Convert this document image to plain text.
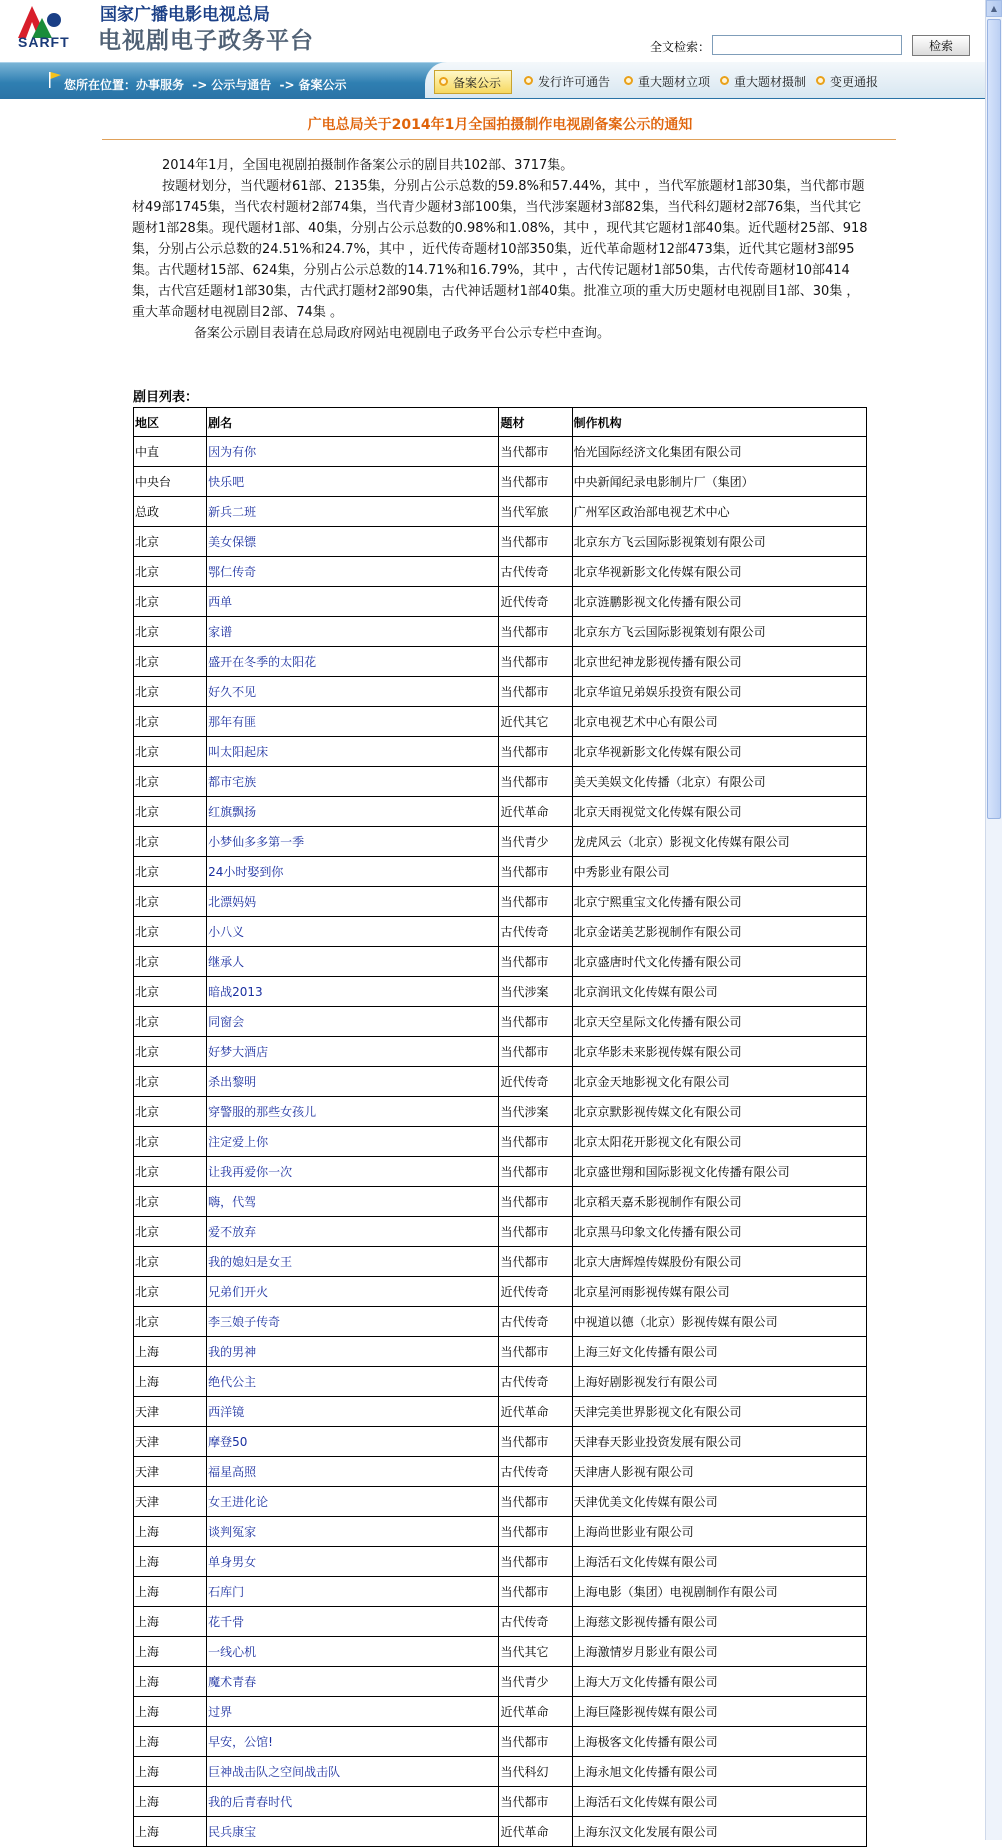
SARFT
国家广播电影电视总局
电视剧电子政务平台	全文检索：	检索
您所在位置：办事服务 -> 公示与通告 -> 备案公示	备案公示	发行许可通告	重大题材立项	重大题材摄制	变更通报
▲
广电总局关于2014年1月全国拍摄制作电视剧备案公示的通知

2014年1月，全国电视剧拍摄制作备案公示的剧目共102部、3717集。

按题材划分，当代题材61部、2135集，分别占公示总数的59.8%和57.44%，其中 ，当代军旅题材1部30集，当代都市题材49部1745集，当代农村题材2部74集，当代青少题材3部100集，当代涉案题材3部82集，当代科幻题材2部76集，当代其它题材1部28集。现代题材1部、40集，分别占公示总数的0.98%和1.08%，其中 ，现代其它题材1部40集。近代题材25部、918集，分别占公示总数的24.51%和24.7%，其中 ，近代传奇题材10部350集，近代革命题材12部473集，近代其它题材3部95集。古代题材15部、624集，分别占公示总数的14.71%和16.79%，其中 ，古代传记题材1部50集，古代传奇题材10部414集，古代宫廷题材1部30集，古代武打题材2部90集，古代神话题材1部40集。批准立项的重大历史题材电视剧目1部、30集 ，重大革命题材电视剧目2部、74集 。

备案公示剧目表请在总局政府网站电视剧电子政务平台公示专栏中查询。

剧目列表：
地区	剧名	题材	制作机构
中直	因为有你	当代都市	怡光国际经济文化集团有限公司
中央台	快乐吧	当代都市	中央新闻纪录电影制片厂（集团）
总政	新兵二班	当代军旅	广州军区政治部电视艺术中心
北京	美女保镖	当代都市	北京东方飞云国际影视策划有限公司
北京	鄂仁传奇	古代传奇	北京华视新影文化传媒有限公司
北京	西单	近代传奇	北京涟鹏影视文化传播有限公司
北京	家谱	当代都市	北京东方飞云国际影视策划有限公司
北京	盛开在冬季的太阳花	当代都市	北京世纪神龙影视传播有限公司
北京	好久不见	当代都市	北京华谊兄弟娱乐投资有限公司
北京	那年有匪	近代其它	北京电视艺术中心有限公司
北京	叫太阳起床	当代都市	北京华视新影文化传媒有限公司
北京	都市宅族	当代都市	美天美娱文化传播（北京）有限公司
北京	红旗飘扬	近代革命	北京天雨视觉文化传媒有限公司
北京	小梦仙多多第一季	当代青少	龙虎风云（北京）影视文化传媒有限公司
北京	24小时娶到你	当代都市	中秀影业有限公司
北京	北漂妈妈	当代都市	北京宁熙重宝文化传播有限公司
北京	小八义	古代传奇	北京金诺美艺影视制作有限公司
北京	继承人	当代都市	北京盛唐时代文化传播有限公司
北京	暗战2013	当代涉案	北京润讯文化传媒有限公司
北京	同窗会	当代都市	北京天空星际文化传播有限公司
北京	好梦大酒店	当代都市	北京华影未来影视传媒有限公司
北京	杀出黎明	近代传奇	北京金天地影视文化有限公司
北京	穿警服的那些女孩儿	当代涉案	北京京默影视传媒文化有限公司
北京	注定爱上你	当代都市	北京太阳花开影视文化有限公司
北京	让我再爱你一次	当代都市	北京盛世翔和国际影视文化传播有限公司
北京	嗨，代驾	当代都市	北京稻天嘉禾影视制作有限公司
北京	爱不放弃	当代都市	北京黑马印象文化传播有限公司
北京	我的媳妇是女王	当代都市	北京大唐辉煌传媒股份有限公司
北京	兄弟们开火	近代传奇	北京星河雨影视传媒有限公司
北京	李三娘子传奇	古代传奇	中视道以德（北京）影视传媒有限公司
上海	我的男神	当代都市	上海三好文化传播有限公司
上海	绝代公主	古代传奇	上海好剧影视发行有限公司
天津	西洋镜	近代革命	天津完美世界影视文化有限公司
天津	摩登50	当代都市	天津春天影业投资发展有限公司
天津	福星高照	古代传奇	天津唐人影视有限公司
天津	女王进化论	当代都市	天津优美文化传媒有限公司
上海	谈判冤家	当代都市	上海尚世影业有限公司
上海	单身男女	当代都市	上海活石文化传媒有限公司
上海	石库门	当代都市	上海电影（集团）电视剧制作有限公司
上海	花千骨	古代传奇	上海慈文影视传播有限公司
上海	一线心机	当代其它	上海激情岁月影业有限公司
上海	魔术青春	当代青少	上海大万文化传播有限公司
上海	过界	近代革命	上海巨隆影视传媒有限公司
上海	早安，公馆!	当代都市	上海极客文化传播有限公司
上海	巨神战击队之空间战击队	当代科幻	上海永旭文化传播有限公司
上海	我的后青春时代	当代都市	上海活石文化传媒有限公司
上海	民兵康宝	近代革命	上海东汉文化发展有限公司
